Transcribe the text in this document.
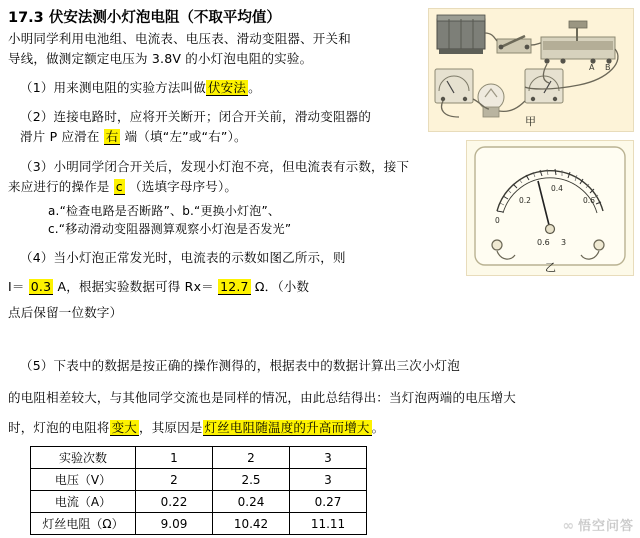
17.3 伏安法测小灯泡电阻（不取平均值）
小明同学利用电池组、电流表、电压表、滑动变阻器、开关和
导线，做测定额定电压为 3.8V 的小灯泡电阻的实验。
（1）用来测电阻的实验方法叫做 伏安法 。
（2）连接电路时，应将开关断开；闭合开关前，滑动变阻器的
滑片 P 应滑在 右 端（填“左”或“右”）。
（3）小明同学闭合开关后，发现小灯泡不亮，但电流表有示数，接下
来应进行的操作是 c （选填字母序号）。
a.“检查电路是否断路”、b.“更换小灯泡”、
c.“移动滑动变阻器测算观察小灯泡是否发光”
（4）当小灯泡正常发光时，电流表的示数如图乙所示，则
I＝ 0.3 A，根据实验数据可得 Rx＝ 12.7 Ω．（小数
点后保留一位数字）
（5）下表中的数据是按正确的操作测得的，根据表中的数据计算出三次小灯泡
的电阻相差较大，与其他同学交流也是同样的情况，由此总结得出：当灯泡两端的电压增大
时，灯泡的电阻将 变大 ，其原因是 灯丝电阻随温度的升高而增大 。
A B
甲
0
0.2
0.4
0.6
0.6 3
乙
实验次数	1	2	3
电压（V）	2	2.5	3
电流（A）	0.22	0.24	0.27
灯丝电阻（Ω）	9.09	10.42	11.11	∞ 悟空问答
